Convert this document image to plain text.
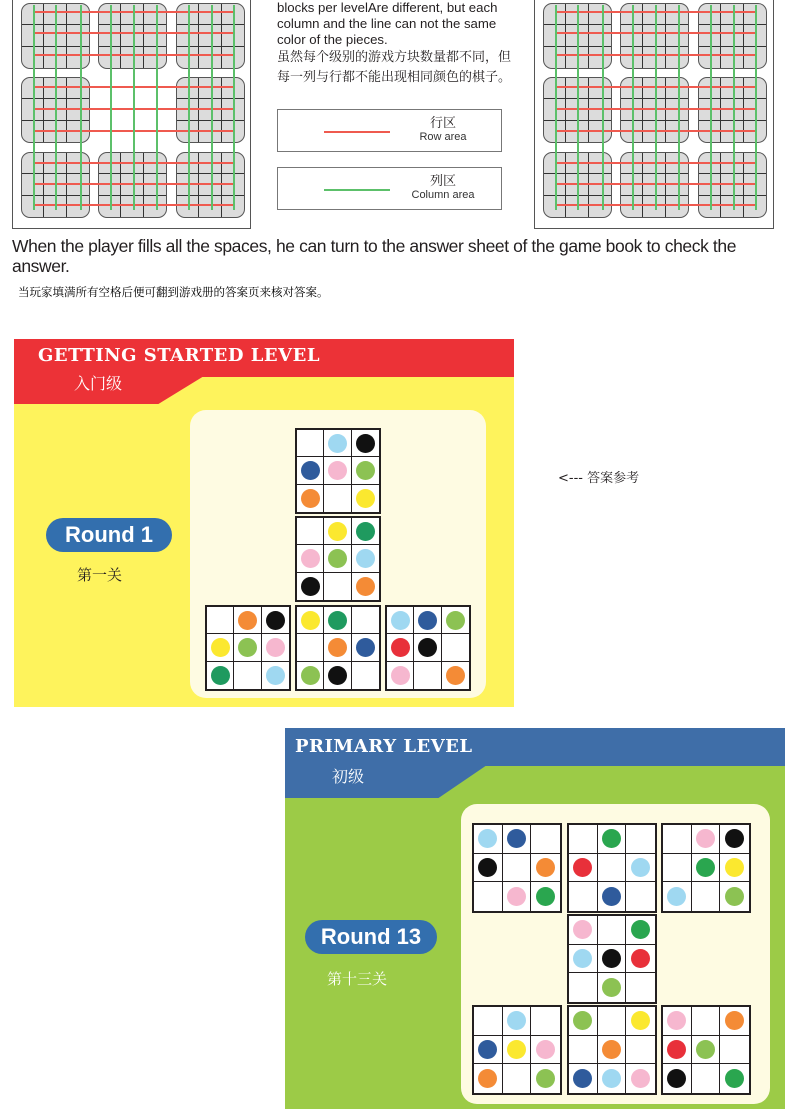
blocks per levelAre different, but each column and the line can not the same color of the pieces.
虽然每个级别的游戏方块数量都不同，但每一列与行都不能出现相同颜色的棋子。
行区
Row area
列区
Column area
When the player fills all the spaces, he can turn to the answer sheet of the game book to check the answer.
当玩家填满所有空格后便可翻到游戏册的答案页来核对答案。
GETTING STARTED LEVEL
入门级
Round 1
第一关
<--- 答案参考
PRIMARY LEVEL
初级
Round 13
第十三关
